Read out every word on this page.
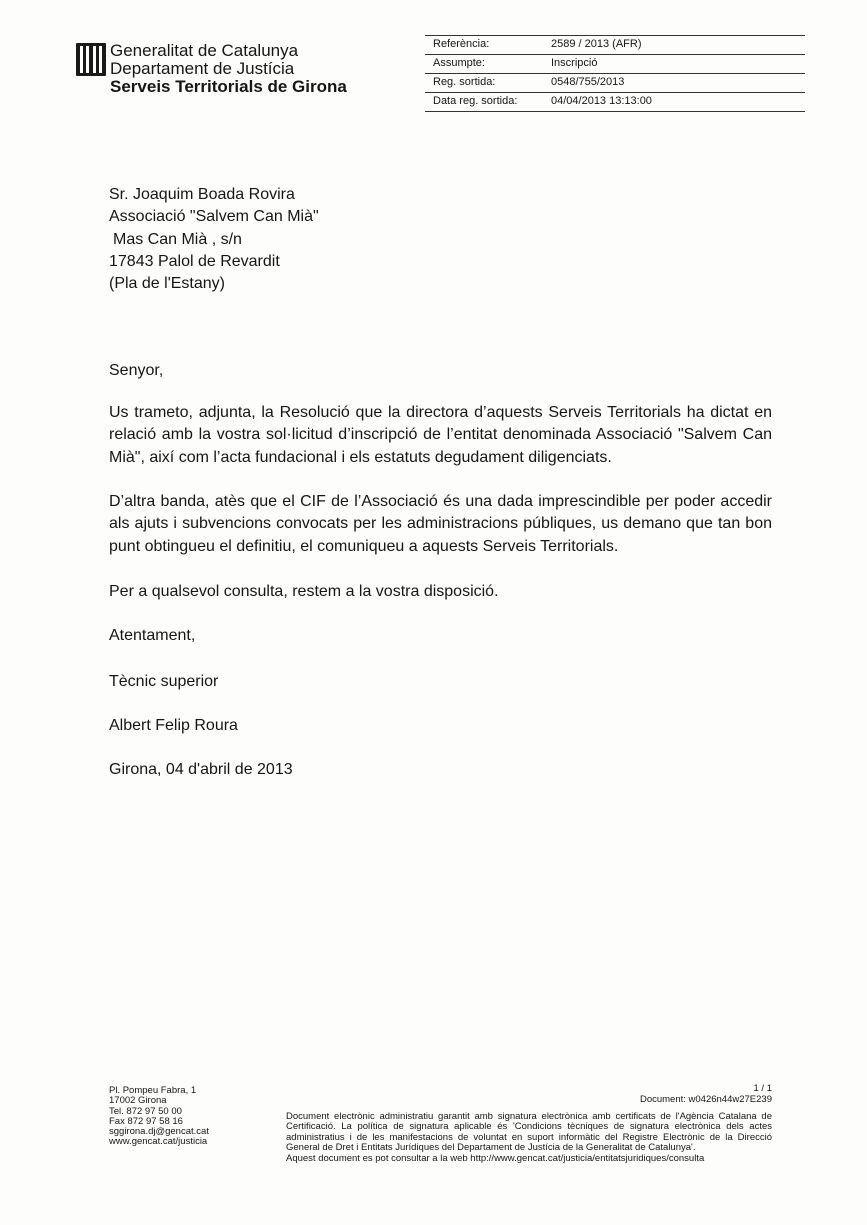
Generalitat de Catalunya
Departament de Justícia
Serveis Territorials de Girona
Referència:	2589 / 2013 (AFR)
Assumpte:	Inscripció
Reg. sortida:	0548/755/2013
Data reg. sortida:	04/04/2013 13:13:00
Sr. Joaquim Boada Rovira
Associació "Salvem Can Mià"
Mas Can Mià , s/n
17843 Palol de Revardit
(Pla de l'Estany)
Senyor,
Us trameto, adjunta, la Resolució que la directora d’aquests Serveis Territorials ha dictat en relació amb la vostra sol·licitud d’inscripció de l’entitat denominada Associació "Salvem Can Mià", així com l’acta fundacional i els estatuts degudament diligenciats.
D’altra banda, atès que el CIF de l’Associació és una dada imprescindible per poder accedir als ajuts i subvencions convocats per les administracions públiques, us demano que tan bon punt obtingueu el definitiu, el comuniqueu a aquests Serveis Territorials.
Per a qualsevol consulta, restem a la vostra disposició.
Atentament,
Tècnic superior
Albert Felip Roura
Girona, 04 d'abril de 2013
Pl. Pompeu Fabra, 1
17002 Girona
Tel. 872 97 50 00
Fax 872 97 58 16
sggirona.dj@gencat.cat
www.gencat.cat/justicia
1 / 1
Document: w0426n44w27E239
Document electrònic administratiu garantit amb signatura electrònica amb certificats de l'Agència Catalana de Certificació. La política de signatura aplicable és 'Condicions tècniques de signatura electrònica dels actes administratius i de les manifestacions de voluntat en suport informàtic del Registre Electrònic de la Direcció General de Dret i Entitats Jurídiques del Departament de Justícia de la Generalitat de Catalunya'.
Aquest document es pot consultar a la web http://www.gencat.cat/justicia/entitatsjuridiques/consulta
